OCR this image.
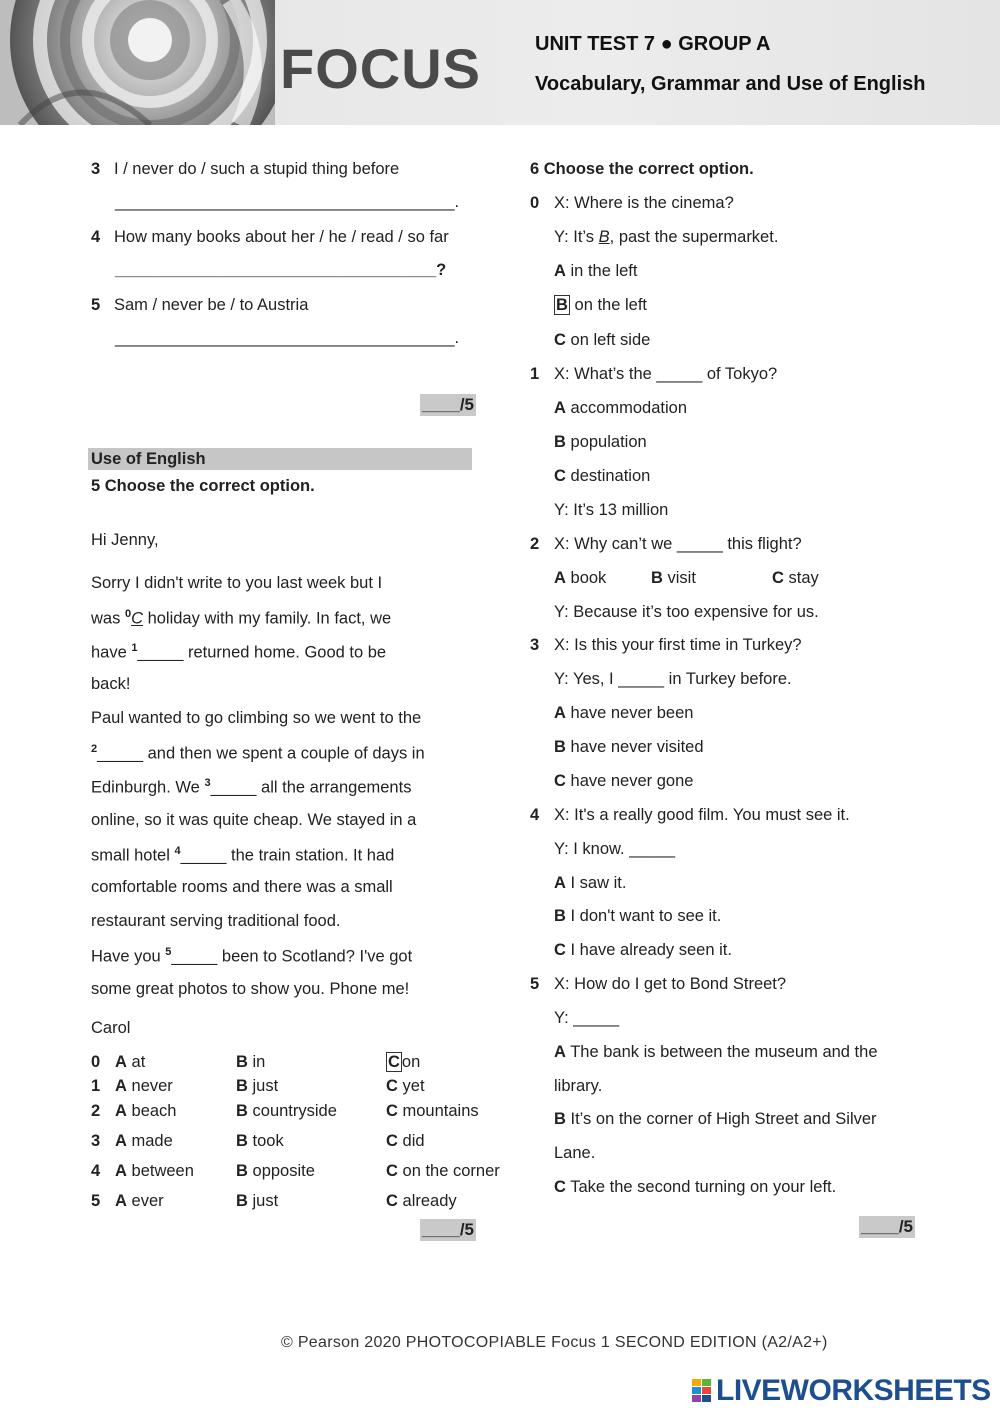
FOCUS	UNIT TEST 7 ● GROUP A
Vocabulary, Grammar and Use of English
3 I / never do / such a stupid thing before
_____________________________________.
4 How many books about her / he / read / so far
___________________________________?
5 Sam / never be / to Austria
_____________________________________.
____/5
Use of English
5 Choose the correct option.
Hi Jenny,
Sorry I didn't write to you last week but I
was $^0$C holiday with my family. In fact, we
have $^1$_____ returned home. Good to be
back!
Paul wanted to go climbing so we went to the
$^2$_____ and then we spent a couple of days in
Edinburgh. We $^3$_____ all the arrangements
online, so it was quite cheap. We stayed in a
small hotel $^4$_____ the train station. It had
comfortable rooms and there was a small
restaurant serving traditional food.
Have you $^5$_____ been to Scotland? I've got
some great photos to show you. Phone me!
Carol
0 A at	B in	C on
1 A never	B just	C yet
2 A beach	B countryside	C mountains
3 A made	B took	C did
4 A between	B opposite	C on the corner
5 A ever	B just	C already
____/5
6 Choose the correct option.
0 X: Where is the cinema?
Y: It’s B, past the supermarket.
A in the left
B on the left
C on left side
1 X: What’s the _____ of Tokyo?
A accommodation
B population
C destination
Y: It’s 13 million
2 X: Why can’t we _____ this flight?
A book	B visit	C stay
Y: Because it’s too expensive for us.
3 X: Is this your first time in Turkey?
Y: Yes, I _____ in Turkey before.
A have never been
B have never visited
C have never gone
4 X: It's a really good film. You must see it.
Y: I know. _____
A I saw it.
B I don't want to see it.
C I have already seen it.
5 X: How do I get to Bond Street?
Y: _____
A The bank is between the museum and the
library.
B It’s on the corner of High Street and Silver
Lane.
C Take the second turning on your left.
____/5
© Pearson 2020 PHOTOCOPIABLE Focus 1 SECOND EDITION (A2/A2+)
LIVEWORKSHEETS
